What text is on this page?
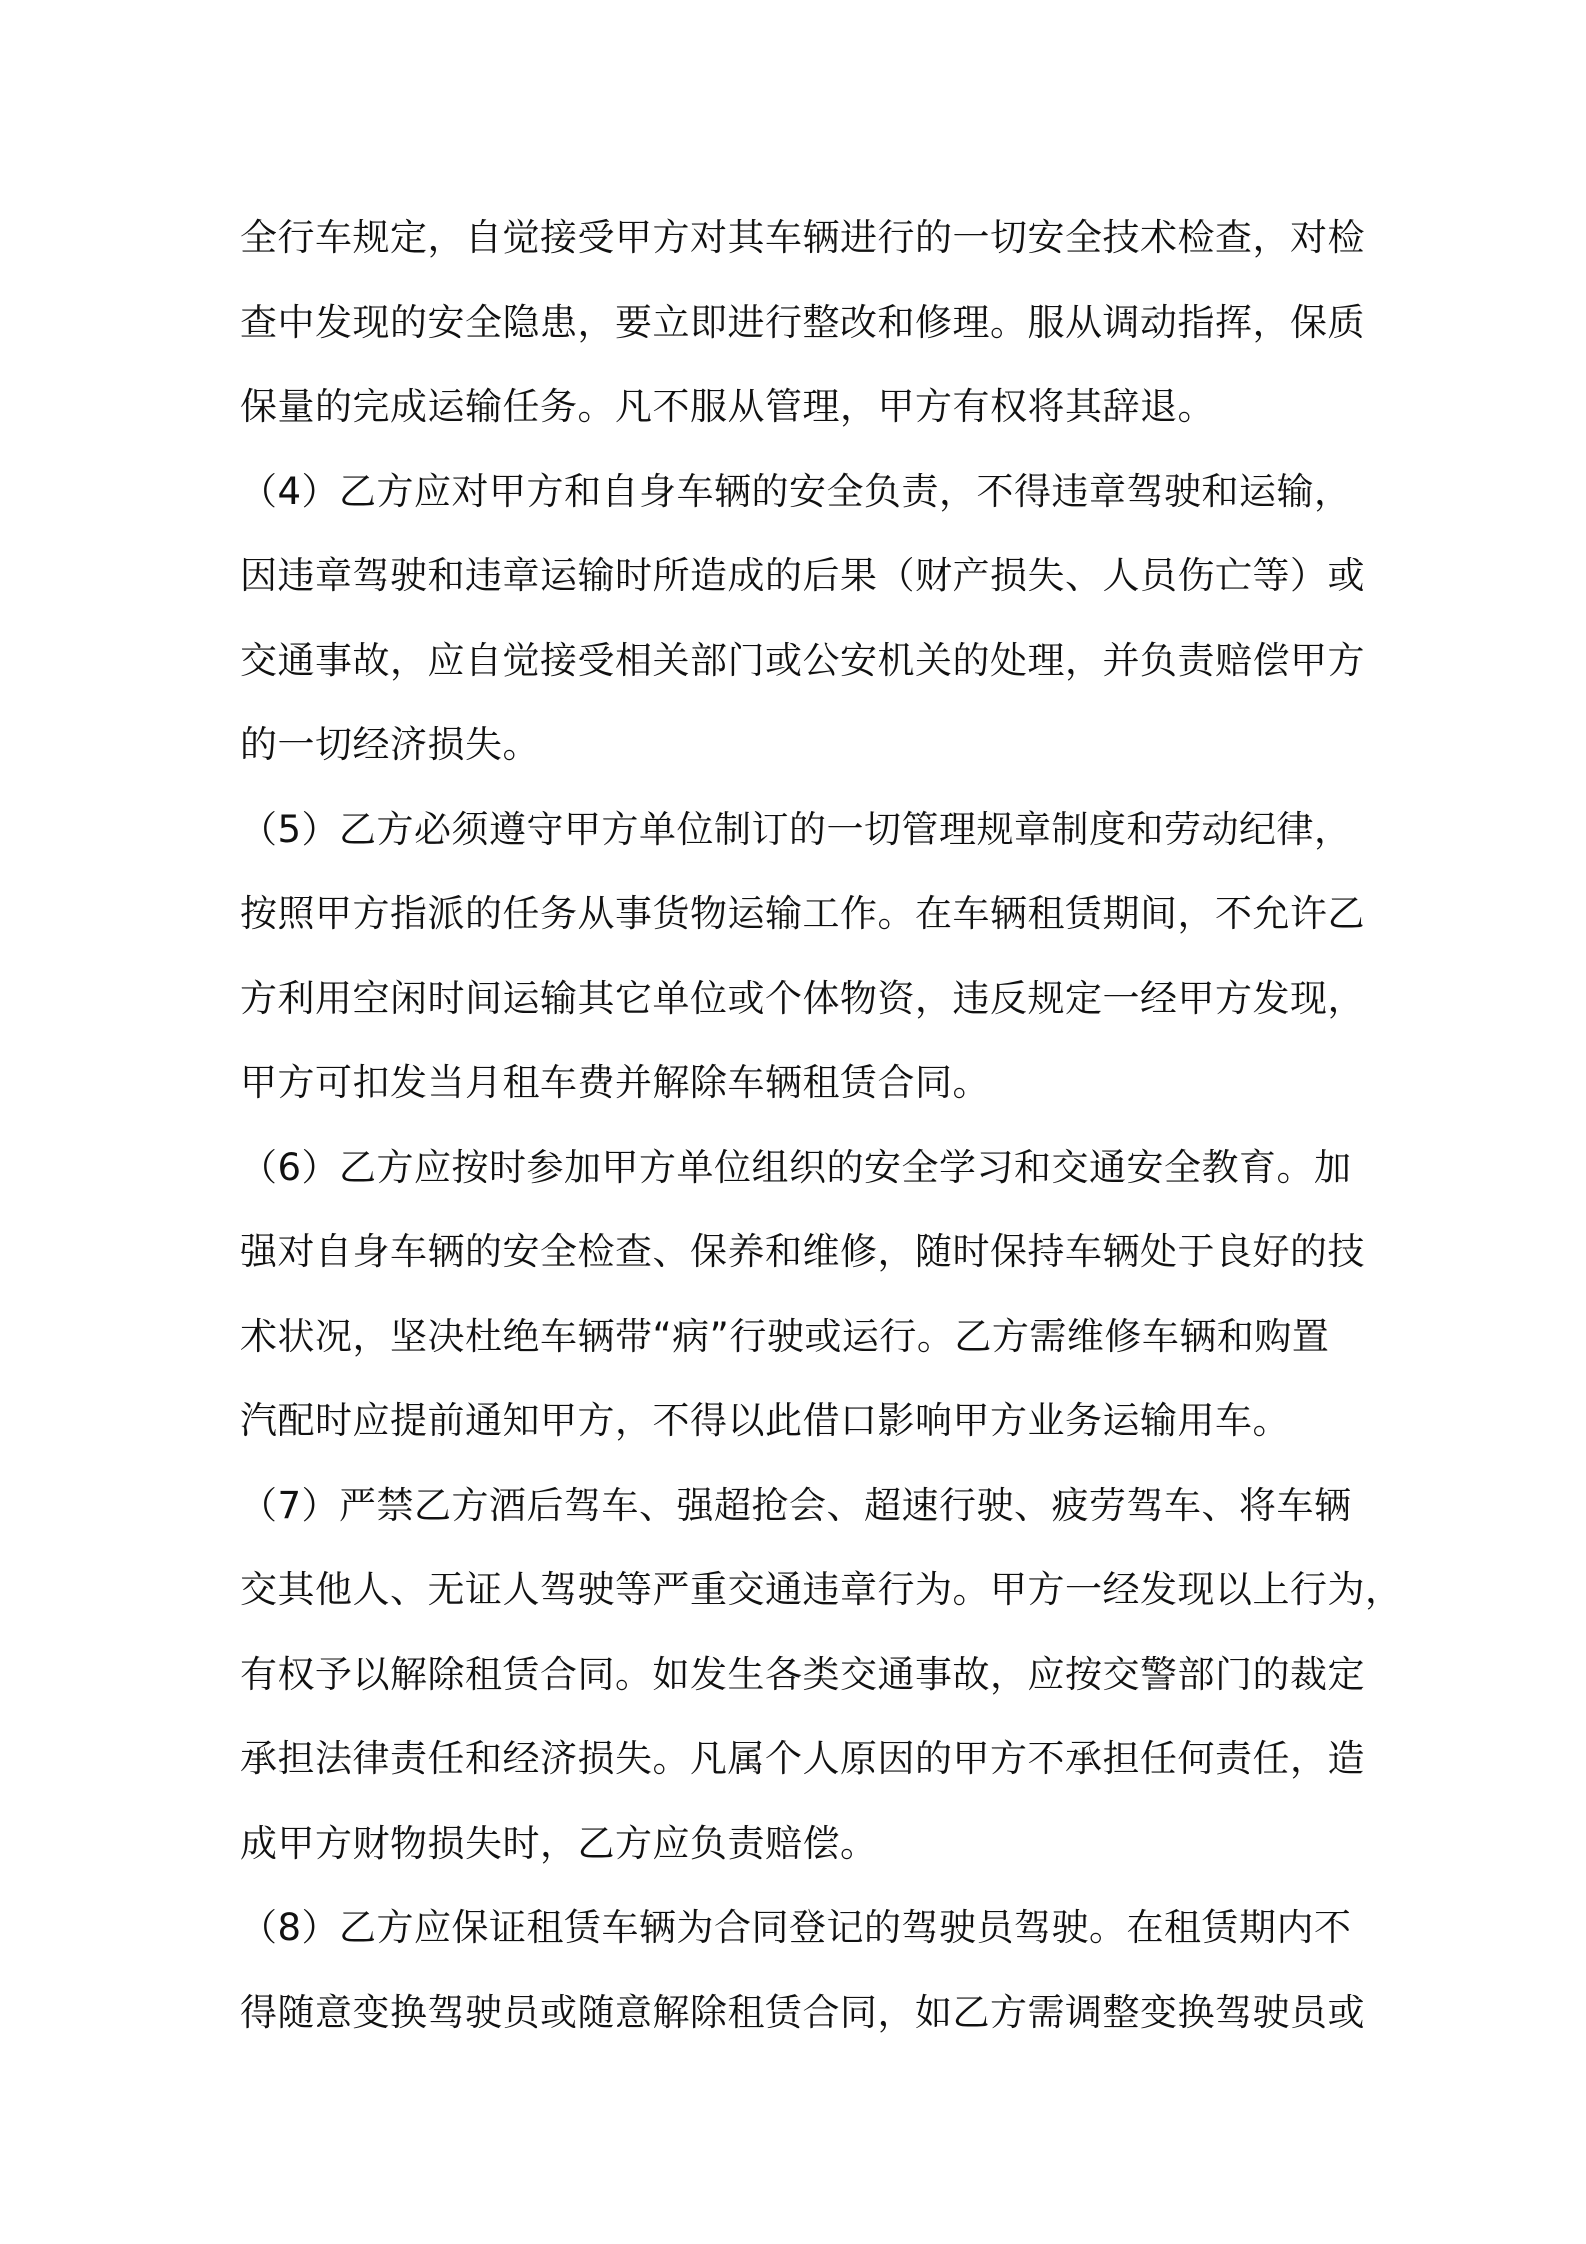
全行车规定，自觉接受甲方对其车辆进行的一切安全技术检查，对检
查中发现的安全隐患，要立即进行整改和修理。服从调动指挥，保质
保量的完成运输任务。凡不服从管理，甲方有权将其辞退。
（4）乙方应对甲方和自身车辆的安全负责，不得违章驾驶和运输，
因违章驾驶和违章运输时所造成的后果（财产损失、人员伤亡等）或
交通事故，应自觉接受相关部门或公安机关的处理，并负责赔偿甲方
的一切经济损失。
（5）乙方必须遵守甲方单位制订的一切管理规章制度和劳动纪律，
按照甲方指派的任务从事货物运输工作。在车辆租赁期间，不允许乙
方利用空闲时间运输其它单位或个体物资，违反规定一经甲方发现，
甲方可扣发当月租车费并解除车辆租赁合同。
（6）乙方应按时参加甲方单位组织的安全学习和交通安全教育。加
强对自身车辆的安全检查、保养和维修，随时保持车辆处于良好的技
术状况，坚决杜绝车辆带“病”行驶或运行。乙方需维修车辆和购置
汽配时应提前通知甲方，不得以此借口影响甲方业务运输用车。
（7）严禁乙方酒后驾车、强超抢会、超速行驶、疲劳驾车、将车辆
交其他人、无证人驾驶等严重交通违章行为。甲方一经发现以上行为，
有权予以解除租赁合同。如发生各类交通事故，应按交警部门的裁定
承担法律责任和经济损失。凡属个人原因的甲方不承担任何责任，造
成甲方财物损失时，乙方应负责赔偿。
（8）乙方应保证租赁车辆为合同登记的驾驶员驾驶。在租赁期内不
得随意变换驾驶员或随意解除租赁合同，如乙方需调整变换驾驶员或
